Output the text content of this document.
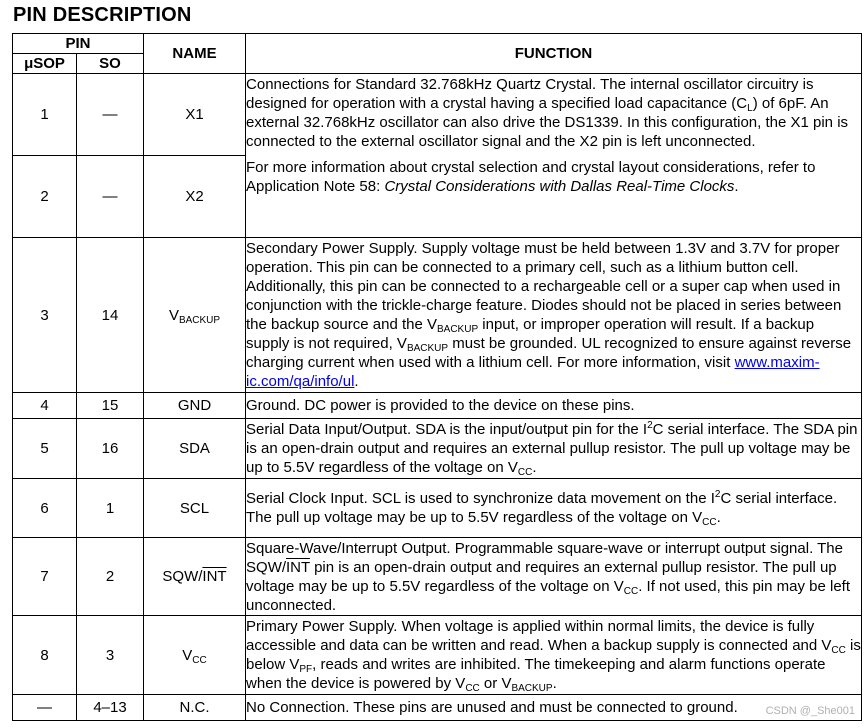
PIN DESCRIPTION
PIN		NAME	FUNCTION
μSOP	SO		
1	—	X1	Connections for Standard 32.768kHz Quartz Crystal. The internal oscillator circuitry is designed for operation with a crystal having a specified load capacitance $(C_L)$ of 6pF. An external 32.768kHz oscillator can also drive the DS1339. In this configuration, the X1 pin is connected to the external oscillator signal and the X2 pin is left unconnected.
For more information about crystal selection and crystal layout considerations, refer to Application Note 58: Crystal Considerations with Dallas Real-Time Clocks.

2	—	X2	
3	14	$V_{BACKUP}$	Secondary Power Supply. Supply voltage must be held between 1.3V and 3.7V for proper operation. This pin can be connected to a primary cell, such as a lithium button cell. Additionally, this pin can be connected to a rechargeable cell or a super cap when used in conjunction with the trickle-charge feature. Diodes should not be placed in series between the backup source and the $V_{BACKUP}$ input, or improper operation will result. If a backup supply is not required, $V_{BACKUP}$ must be grounded. UL recognized to ensure against reverse charging current when used with a lithium cell. For more information, visit www.maxim-ic.com/qa/info/ul.
4	15	GND	Ground. DC power is provided to the device on these pins.
5	16	SDA	Serial Data Input/Output. SDA is the input/output pin for the $I^2C$ serial interface. The SDA pin is an open-drain output and requires an external pullup resistor. The pull up voltage may be up to 5.5V regardless of the voltage on $V_{CC}$.
6	1	SCL	Serial Clock Input. SCL is used to synchronize data movement on the $I^2C$ serial interface. The pull up voltage may be up to 5.5V regardless of the voltage on $V_{CC}$.
7	2	SQW/$\overline{INT}$	Square-Wave/Interrupt Output. Programmable square-wave or interrupt output signal. The SQW/$\overline{INT}$ pin is an open-drain output and requires an external pullup resistor. The pull up voltage may be up to 5.5V regardless of the voltage on $V_{CC}$. If not used, this pin may be left unconnected.
8	3	$V_{CC}$	Primary Power Supply. When voltage is applied within normal limits, the device is fully accessible and data can be written and read. When a backup supply is connected and $V_{CC}$ is below $V_{PF}$, reads and writes are inhibited. The timekeeping and alarm functions operate when the device is powered by $V_{CC}$ or $V_{BACKUP}$.
—	4–13	N.C.	No Connection. These pins are unused and must be connected to ground.	CSDN @_She001
